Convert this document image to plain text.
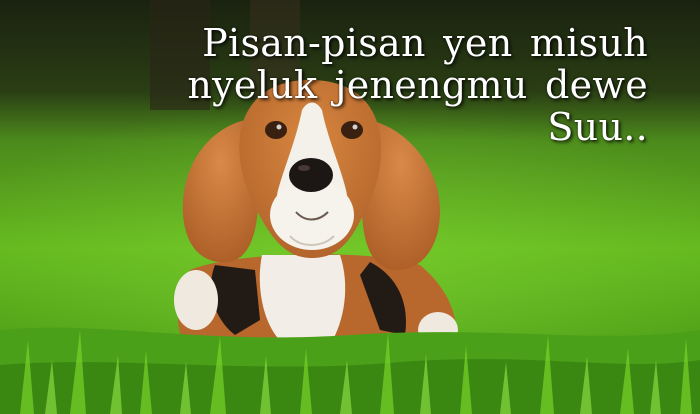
Pisan-pisan yen misuh
nyeluk jenengmu dewe
Suu..
